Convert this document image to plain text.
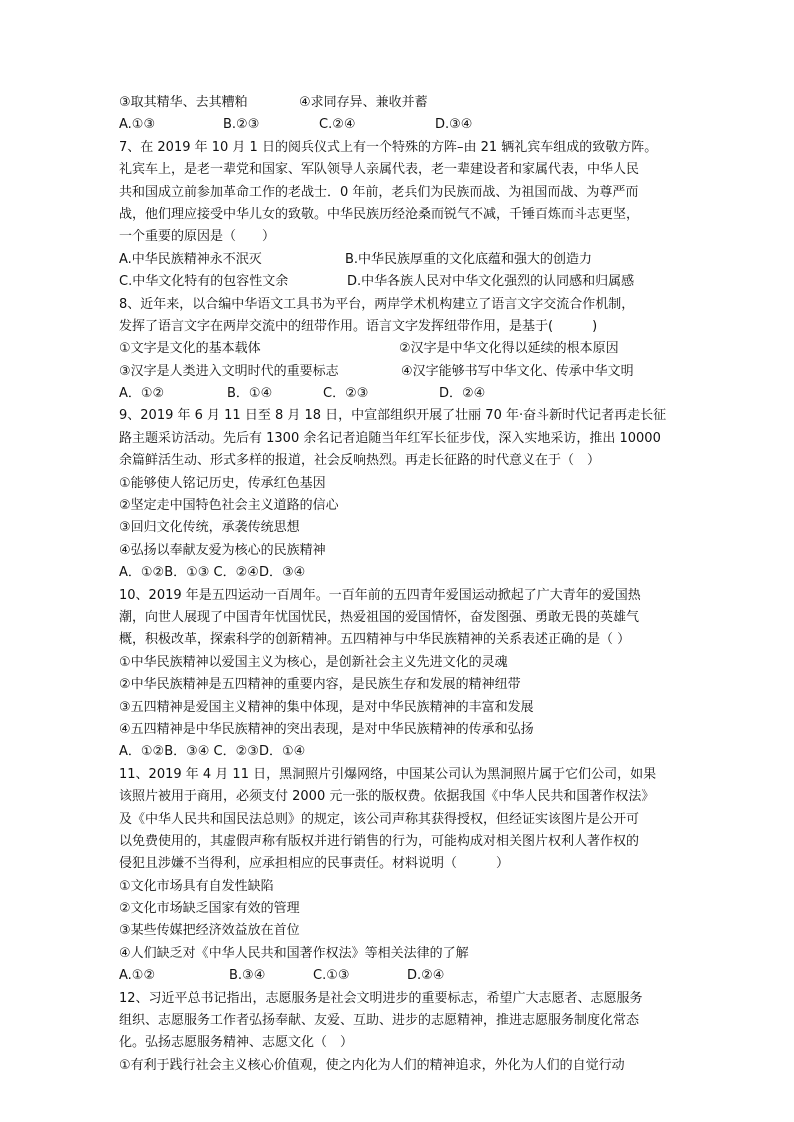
③取其精华、去其糟粕	④求同存异、兼收并蓄
A.①③	B.②③	C.②④	D.③④
7、在 2019 年 10 月 1 日的阅兵仪式上有一个特殊的方阵–由 21 辆礼宾车组成的致敬方阵。
礼宾车上，是老一辈党和国家、军队领导人亲属代表，老一辈建设者和家属代表，中华人民
共和国成立前参加革命工作的老战士．0 年前，老兵们为民族而战、为祖国而战、为尊严而
战，他们理应接受中华儿女的致敬。中华民族历经沧桑而锐气不减，千锤百炼而斗志更坚，
一个重要的原因是（　　）
A.中华民族精神永不泯灭	B.中华民族厚重的文化底蕴和强大的创造力
C.中华文化特有的包容性文余	D.中华各族人民对中华文化强烈的认同感和归属感
8、近年来，以合编中华语文工具书为平台，两岸学术机构建立了语言文字交流合作机制，
发挥了语言文字在两岸交流中的纽带作用。语言文字发挥纽带作用，是基于(　　　)
①文字是文化的基本载体	②汉字是中华文化得以延续的根本原因
③汉字是人类进入文明时代的重要标志	④汉字能够书写中华文化、传承中华文明
A．①②	B．①④	C．②③	D．②④
9、2019 年 6 月 11 日至 8 月 18 日，中宣部组织开展了壮丽 70 年·奋斗新时代记者再走长征
路主题采访活动。先后有 1300 余名记者追随当年红军长征步伐，深入实地采访，推出 10000
余篇鲜活生动、形式多样的报道，社会反响热烈。再走长征路的时代意义在于（　）
①能够使人铭记历史，传承红色基因
②坚定走中国特色社会主义道路的信心
③回归文化传统，承袭传统思想
④弘扬以奉献友爱为核心的民族精神
A．①②B．①③ C．②④D．③④
10、2019 年是五四运动一百周年。一百年前的五四青年爱国运动掀起了广大青年的爱国热
潮，向世人展现了中国青年忧国忧民，热爱祖国的爱国情怀，奋发图强、勇敢无畏的英雄气
概，积极改革，探索科学的创新精神。五四精神与中华民族精神的关系表述正确的是（ ）
①中华民族精神以爱国主义为核心，是创新社会主义先进文化的灵魂
②中华民族精神是五四精神的重要内容，是民族生存和发展的精神纽带
③五四精神是爱国主义精神的集中体现，是对中华民族精神的丰富和发展
④五四精神是中华民族精神的突出表现，是对中华民族精神的传承和弘扬
A．①②B．③④ C．②③D．①④
11、2019 年 4 月 11 日，黑洞照片引爆网络，中国某公司认为黑洞照片属于它们公司，如果
该照片被用于商用，必须支付 2000 元一张的版权费。依据我国《中华人民共和国著作权法》
及《中华人民共和国民法总则》的规定，该公司声称其获得授权，但经证实该图片是公开可
以免费使用的，其虚假声称有版权并进行销售的行为，可能构成对相关图片权利人著作权的
侵犯且涉嫌不当得利，应承担相应的民事责任。材料说明（　　　）
①文化市场具有自发性缺陷
②文化市场缺乏国家有效的管理
③某些传媒把经济效益放在首位
④人们缺乏对《中华人民共和国著作权法》等相关法律的了解
A.①②	B.③④	C.①③	D.②④
12、习近平总书记指出，志愿服务是社会文明进步的重要标志，希望广大志愿者、志愿服务
组织、志愿服务工作者弘扬奉献、友爱、互助、进步的志愿精神，推进志愿服务制度化常态
化。弘扬志愿服务精神、志愿文化（　）
①有利于践行社会主义核心价值观，使之内化为人们的精神追求，外化为人们的自觉行动
